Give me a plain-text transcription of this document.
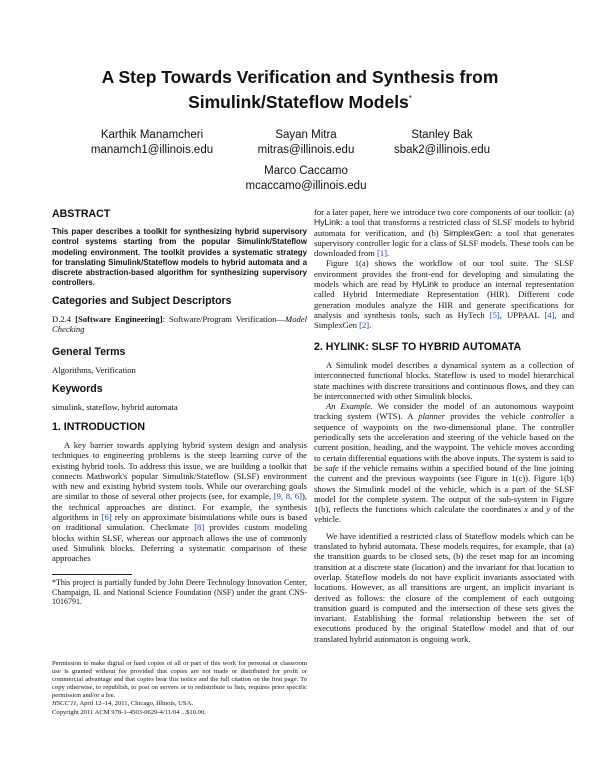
A Step Towards Verification and Synthesis from
Simulink/Stateflow Models*
Karthik Manamcheri
manamch1@illinois.edu
Sayan Mitra
mitras@illinois.edu
Stanley Bak
sbak2@illinois.edu
Marco Caccamo
mcaccamo@illinois.edu
ABSTRACT

This paper describes a toolkit for synthesizing hybrid supervisory control systems starting from the popular Simulink/Stateflow modeling environment. The toolkit provides a systematic strategy for translating Simulink/Stateflow models to hybrid automata and a discrete abstraction-based algorithm for synthesizing supervisory controllers.

Categories and Subject Descriptors

D.2.4 [Software Engineering]: Software/Program Verification—Model Checking

General Terms

Algorithms, Verification

Keywords

simulink, stateflow, hybrid automata

1. INTRODUCTION

A key barrier towards applying hybrid system design and analysis techniques to engineering problems is the steep learning curve of the existing hybrid tools. To address this issue, we are building a toolkit that connects Mathwork's popular Simulink/Stateflow (SLSF) environment with new and existing hybrid system tools. While our overarching goals are similar to those of several other projects (see, for example, [9, 8, 6]), the technical approaches are distinct. For example, the synthesis algorithms in [6] rely on approximate bisimulations while ours is based on traditional simulation. Checkmate [8] provides custom modeling blocks within SLSF, whereas our approach allows the use of commonly used Simulink blocks. Deferring a systematic comparison of these approaches

*This project is partially funded by John Deere Technology Innovation Center, Champaign, IL and National Science Foundation (NSF) under the grant CNS-1016791.

Permission to make digital or hard copies of all or part of this work for personal or classroom use is granted without fee provided that copies are not made or distributed for profit or commercial advantage and that copies bear this notice and the full citation on the first page. To copy otherwise, to republish, to post on servers or to redistribute to lists, requires prior specific permission and/or a fee.

HSCC'11, April 12–14, 2011, Chicago, Illinois, USA.

Copyright 2011 ACM 978-1-4503-0629-4/11/04 ...$10.00.

for a later paper, here we introduce two core components of our toolkit: (a) HyLink: a tool that transforms a restricted class of SLSF models to hybrid automata for verification, and (b) SimplexGen: a tool that generates supervisory controller logic for a class of SLSF models. These tools can be downloaded from [1].

Figure 1(a) shows the workflow of our tool suite. The SLSF environment provides the front-end for developing and simulating the models which are read by HyLink to produce an internal representation called Hybrid Intermediate Representation (HIR). Different code generation modules analyze the HIR and generate specifications for analysis and synthesis tools, such as HyTech [5], UPPAAL [4], and SimplexGen [2].

2. HYLINK: SLSF TO HYBRID AUTOMATA

A Simulink model describes a dynamical system as a collection of interconnected functional blocks. Stateflow is used to model hierarchical state machines with discrete transitions and continuous flows, and they can be interconnected with other Simulink blocks.

An Example. We consider the model of an autonomous waypoint tracking system (WTS). A planner provides the vehicle controller a sequence of waypoints on the two-dimensional plane. The controller periodically sets the acceleration and steering of the vehicle based on the current position, heading, and the waypoint. The vehicle moves according to certain differential equations with the above inputs. The system is said to be safe if the vehicle remains within a specified bound of the line joining the current and the previous waypoints (see Figure in 1(c)). Figure 1(b) shows the Simulink model of the vehicle, which is a part of the SLSF model for the complete system. The output of the sub-system in Figure 1(b), reflects the functions which calculate the coordinates x and y of the vehicle.

We have identified a restricted class of Stateflow models which can be translated to hybrid automata. These models requires, for example, that (a) the transition guards to be closed sets, (b) the reset map for an incoming transition at a discrete state (location) and the invariant for that location to overlap. Stateflow models do not have explicit invariants associated with locations. However, as all transitions are urgent, an implicit invariant is derived as follows: the closure of the complement of each outgoing transition guard is computed and the intersection of these sets gives the invariant. Establishing the formal relationship between the set of executions produced by the original Stateflow model and that of our translated hybrid automaton is ongoing work.
